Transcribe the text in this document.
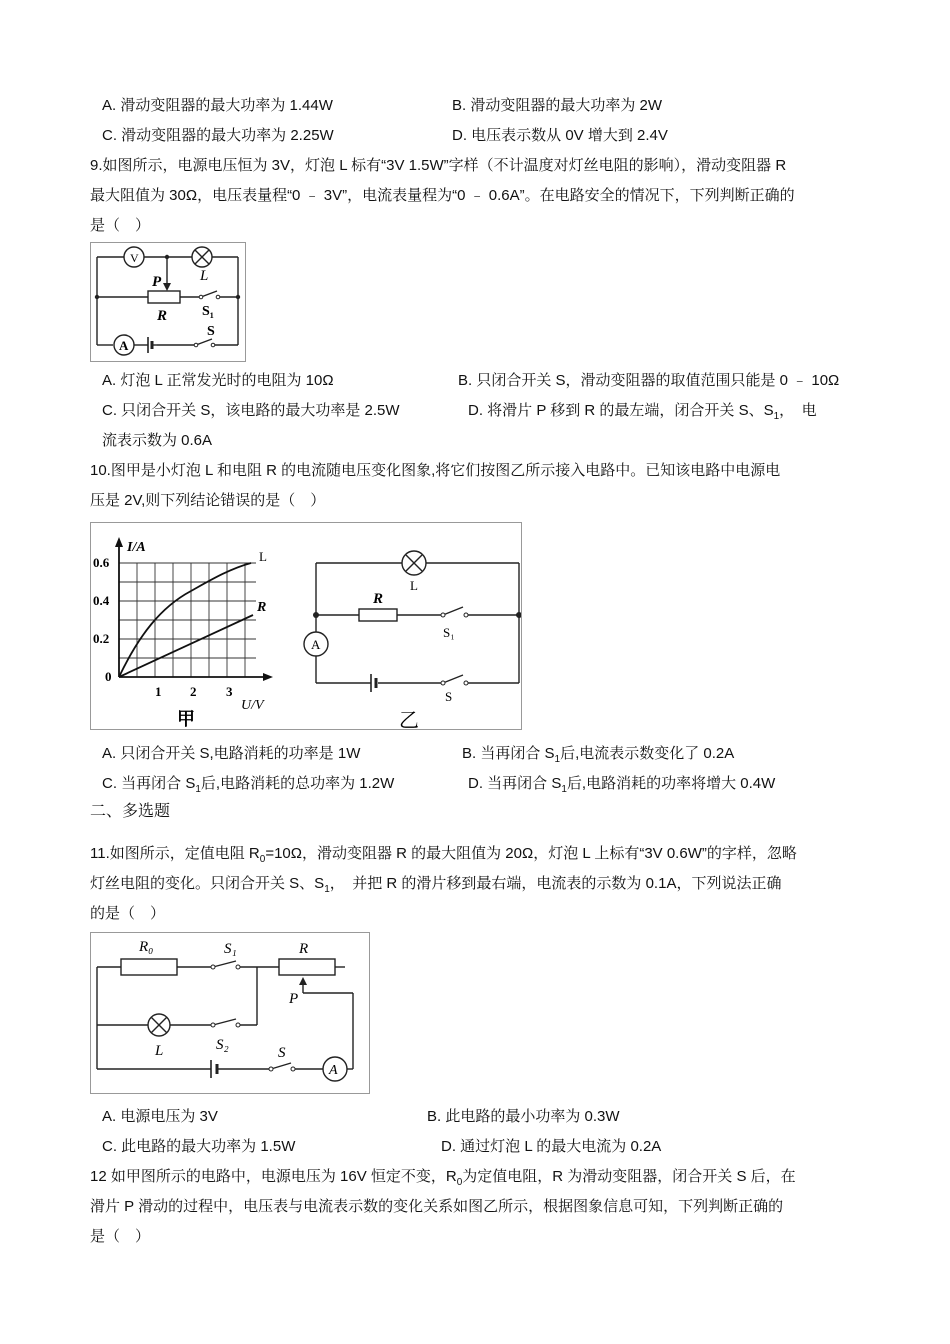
A. 滑动变阻器的最大功率为 1.44W	B. 滑动变阻器的最大功率为 2W
C. 滑动变阻器的最大功率为 2.25W	D. 电压表示数从 0V 增大到 2.4V
9.如图所示，电源电压恒为 3V，灯泡 L 标有“3V 1.5W”字样（不计温度对灯丝电阻的影响），滑动变阻器 R
最大阻值为 30Ω，电压表量程“0 ﹣ 3V”，电流表量程为“0 ﹣ 0.6A”。在电路安全的情况下，下列判断正确的
是（　）
V
L
P
R S₁
S
A
A. 灯泡 L 正常发光时的电阻为 10Ω	B. 只闭合开关 S，滑动变阻器的取值范围只能是 0 ﹣ 10Ω
C. 只闭合开关 S，该电路的最大功率是 2.5W	D. 将滑片 P 移到 R 的最左端，闭合开关 S、$S_1$，　电
流表示数为 0.6A
10.图甲是小灯泡 L 和电阻 R 的电流随电压变化图象,将它们按图乙所示接入电路中。已知该电路中电源电
压是 2V,则下列结论错误的是（　）
I/A
U/V
0
0.2
0.4
0.6
1 2 3
L
R
甲
L
R
S₁
S
A
乙
A. 只闭合开关 S,电路消耗的功率是 1W	B. 当再闭合 $S_1$后,电流表示数变化了 0.2A
C. 当再闭合 $S_1$后,电路消耗的总功率为 1.2W	D. 当再闭合 $S_1$后,电路消耗的功率将增大 0.4W
二、多选题
11.如图所示，定值电阻 $R_0=10\Omega$，滑动变阻器 R 的最大阻值为 20Ω，灯泡 L 上标有“3V 0.6W”的字样，忽略
灯丝电阻的变化。只闭合开关 S、$S_1$，　并把 R 的滑片移到最右端，电流表的示数为 0.1A，下列说法正确
的是（　）
R₀	S₁	R
P
L	S₂	S
A
A. 电源电压为 3V	B. 此电路的最小功率为 0.3W
C. 此电路的最大功率为 1.5W	D. 通过灯泡 L 的最大电流为 0.2A
12 如甲图所示的电路中，电源电压为 16V 恒定不变，$R_0$为定值电阻，R 为滑动变阻器，闭合开关 S 后，在
滑片 P 滑动的过程中，电压表与电流表示数的变化关系如图乙所示，根据图象信息可知，下列判断正确的
是（　）
